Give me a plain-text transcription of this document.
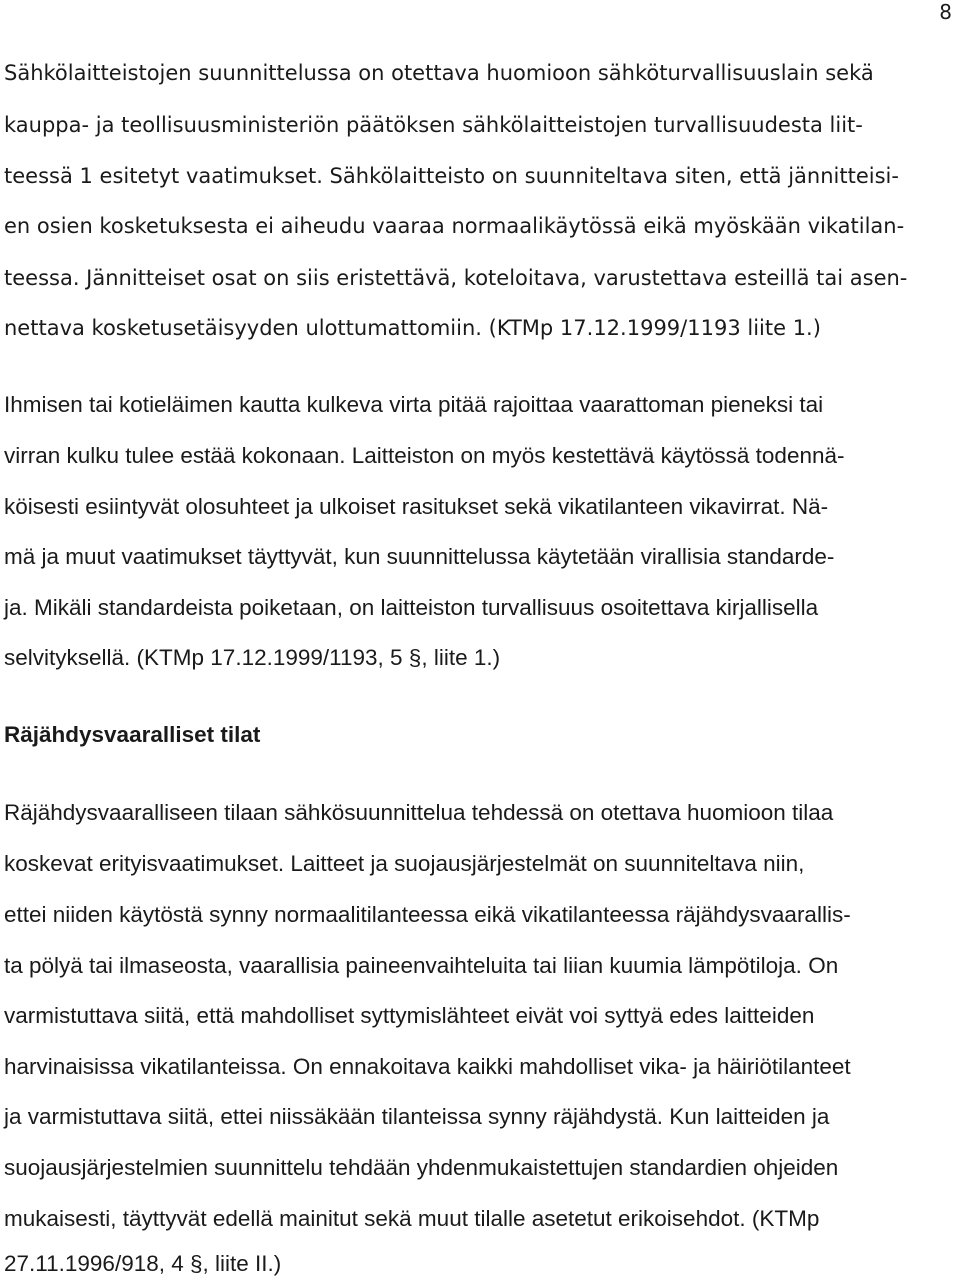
8
Sähkölaitteistojen suunnittelussa on otettava huomioon sähköturvallisuuslain sekä
kauppa- ja teollisuusministeriön päätöksen sähkölaitteistojen turvallisuudesta liit-
teessä 1 esitetyt vaatimukset. Sähkölaitteisto on suunniteltava siten, että jännitteisi-
en osien kosketuksesta ei aiheudu vaaraa normaalikäytössä eikä myöskään vikatilan-
teessa. Jännitteiset osat on siis eristettävä, koteloitava, varustettava esteillä tai asen-
nettava kosketusetäisyyden ulottumattomiin. (KTMp 17.12.1999/1193 liite 1.)
Ihmisen tai kotieläimen kautta kulkeva virta pitää rajoittaa vaarattoman pieneksi tai
virran kulku tulee estää kokonaan. Laitteiston on myös kestettävä käytössä todennä-
köisesti esiintyvät olosuhteet ja ulkoiset rasitukset sekä vikatilanteen vikavirrat. Nä-
mä ja muut vaatimukset täyttyvät, kun suunnittelussa käytetään virallisia standarde-
ja. Mikäli standardeista poiketaan, on laitteiston turvallisuus osoitettava kirjallisella
selvityksellä. (KTMp 17.12.1999/1193, 5 §, liite 1.)
Räjähdysvaaralliset tilat
Räjähdysvaaralliseen tilaan sähkösuunnittelua tehdessä on otettava huomioon tilaa
koskevat erityisvaatimukset. Laitteet ja suojausjärjestelmät on suunniteltava niin,
ettei niiden käytöstä synny normaalitilanteessa eikä vikatilanteessa räjähdysvaarallis-
ta pölyä tai ilmaseosta, vaarallisia paineenvaihteluita tai liian kuumia lämpötiloja. On
varmistuttava siitä, että mahdolliset syttymislähteet eivät voi syttyä edes laitteiden
harvinaisissa vikatilanteissa. On ennakoitava kaikki mahdolliset vika- ja häiriötilanteet
ja varmistuttava siitä, ettei niissäkään tilanteissa synny räjähdystä. Kun laitteiden ja
suojausjärjestelmien suunnittelu tehdään yhdenmukaistettujen standardien ohjeiden
mukaisesti, täyttyvät edellä mainitut sekä muut tilalle asetetut erikoisehdot. (KTMp
27.11.1996/918, 4 §, liite II.)
